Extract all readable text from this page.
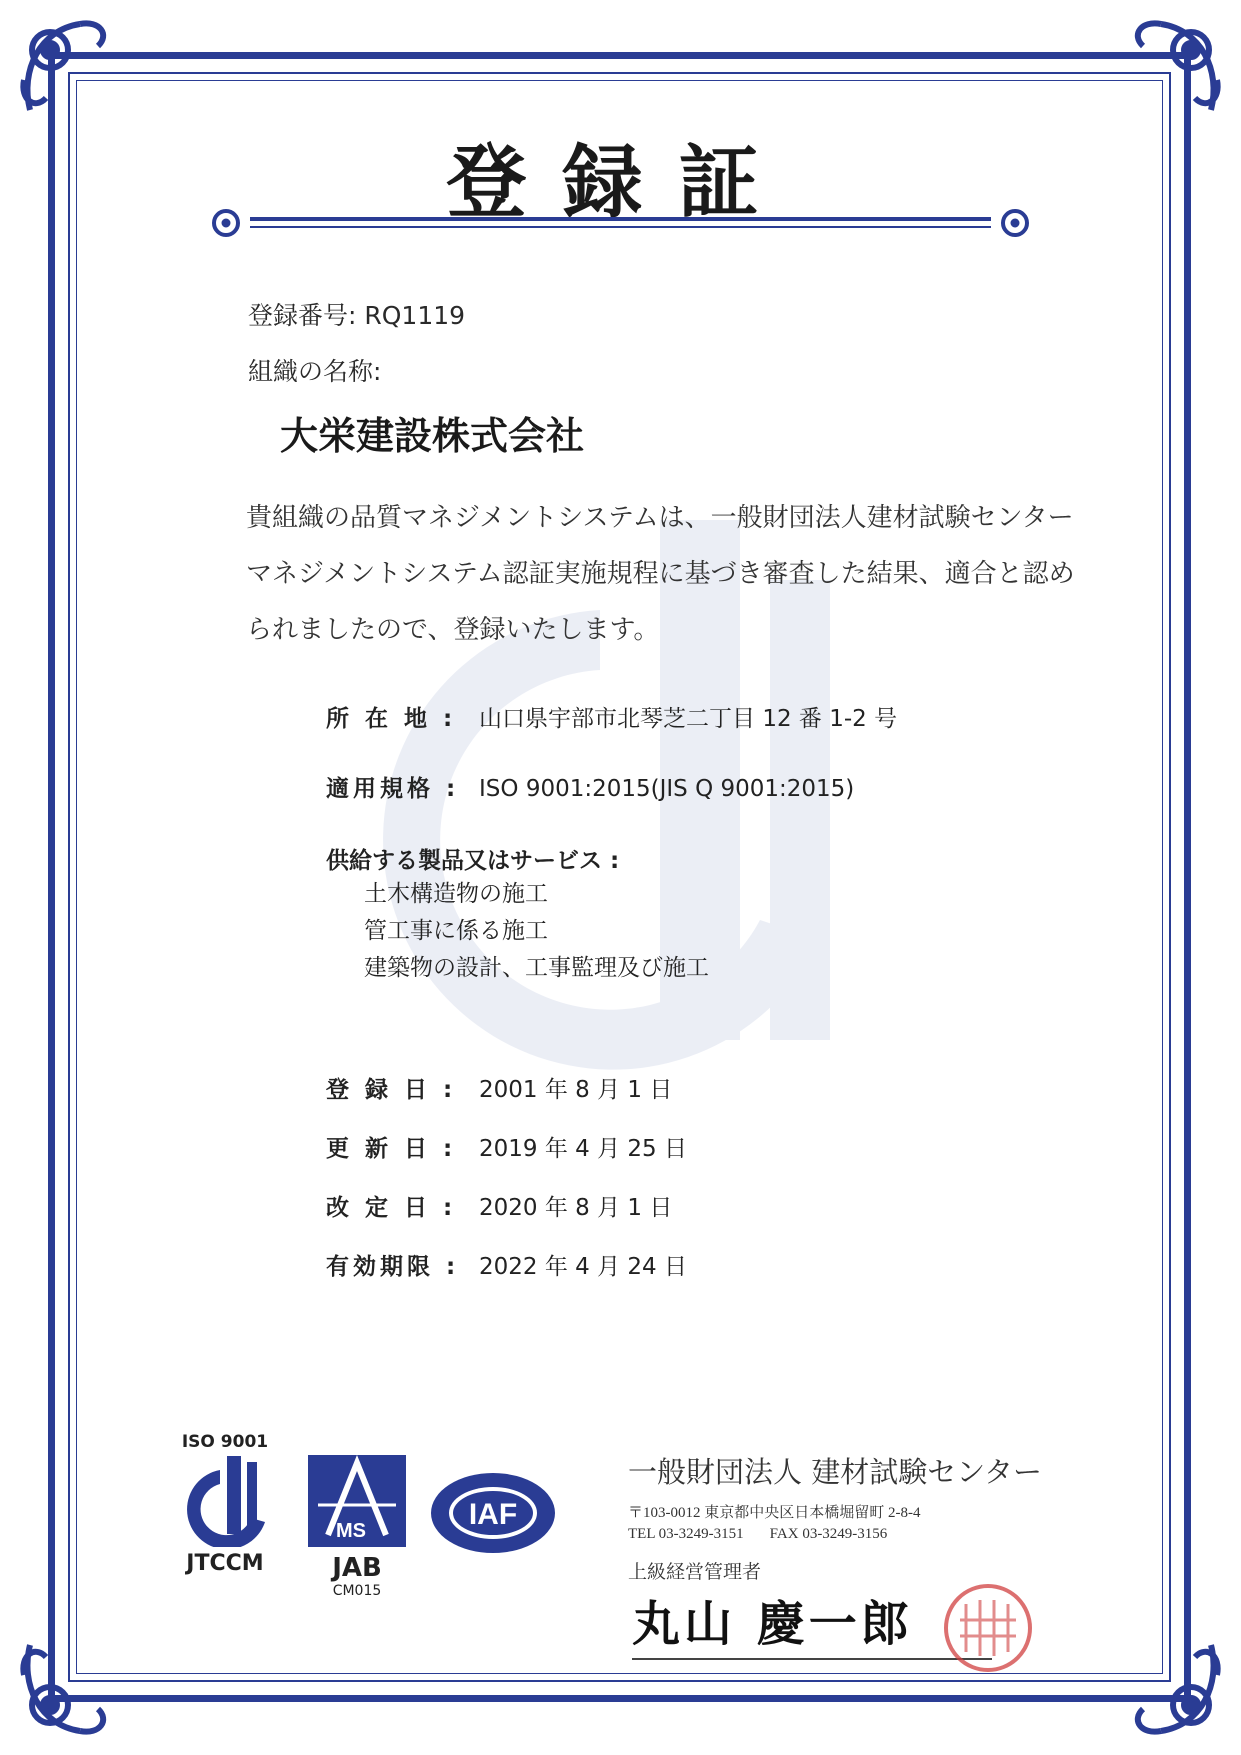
登録証
登録番号: RQ1119
組織の名称:
大栄建設株式会社
貴組織の品質マネジメントシステムは、一般財団法人建材試験センターマネジメントシステム認証実施規程に基づき審査した結果、適合と認められましたので、登録いたします。
所 在 地 : 山口県宇部市北琴芝二丁目 12 番 1-2 号
適用規格 : ISO 9001:2015(JIS Q 9001:2015)
供給する製品又はサービス :
土木構造物の施工
管工事に係る施工
建築物の設計、工事監理及び施工
登 録 日 : 2001 年 8 月 1 日
更 新 日 : 2019 年 4 月 25 日
改 定 日 : 2020 年 8 月 1 日
有効期限 : 2022 年 4 月 24 日
ISO 9001
JTCCM
MS
JAB
CM015
IAF
一般財団法人 建材試験センター
〒103-0012 東京都中央区日本橋堀留町 2-8-4
TEL 03-3249-3151 FAX 03-3249-3156
上級経営管理者
丸山 慶一郎
